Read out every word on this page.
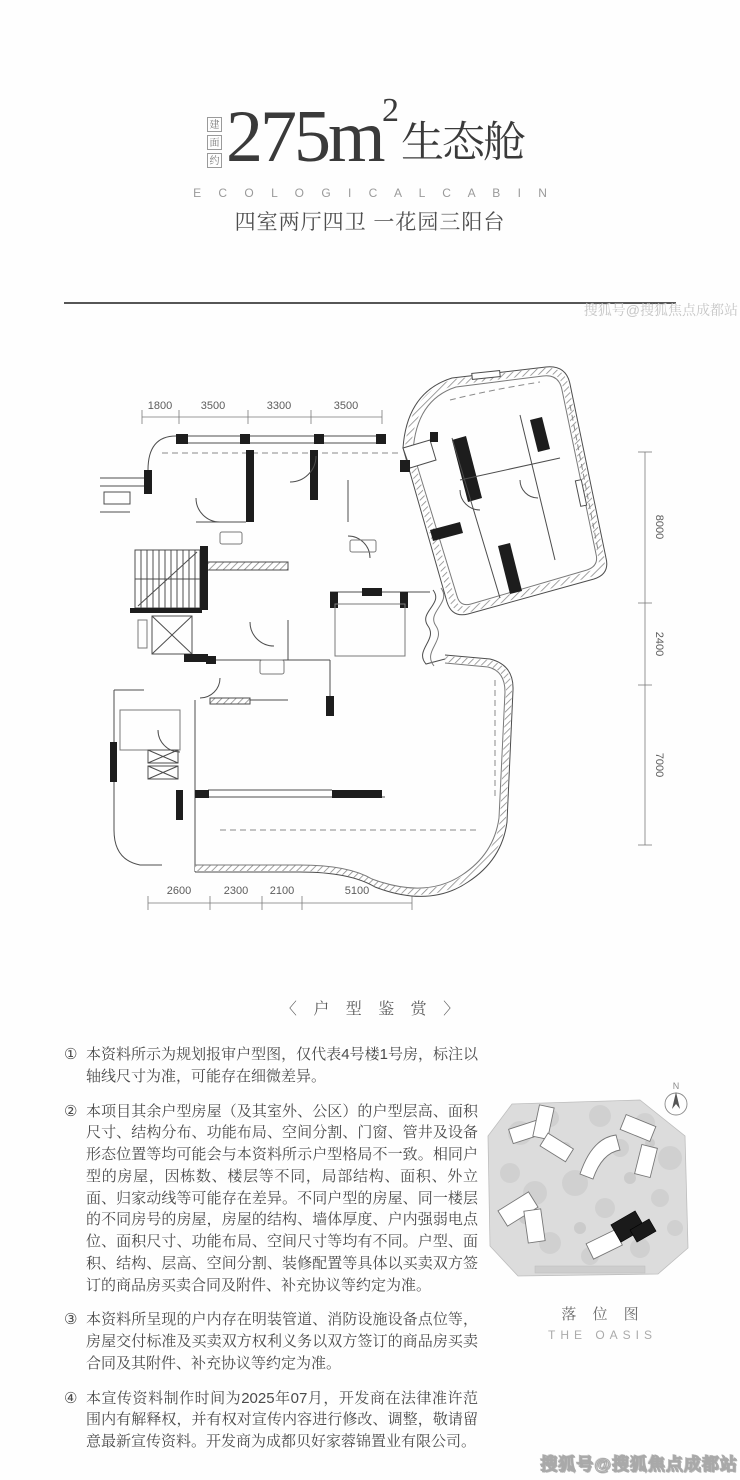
建
面
约 275m 2
生态舱
E C O L O G I C A L C A B I N
四室两厅四卫 一花园三阳台
1800	3500	3300	3500
8000
2400
7000
2600	2300 2100	5100
〈 户 型 鉴 赏 〉
① 本资料所示为规划报审户型图，仅代表4号楼1号房，标注以轴线尺寸为准，可能存在细微差异。
② 本项目其余户型房屋（及其室外、公区）的户型层高、面积尺寸、结构分布、功能布局、空间分割、门窗、管井及设备形态位置等均可能会与本资料所示户型格局不一致。相同户型的房屋，因栋数、楼层等不同，局部结构、面积、外立面、归家动线等可能存在差异。不同户型的房屋、同一楼层的不同房号的房屋，房屋的结构、墙体厚度、户内强弱电点位、面积尺寸、功能布局、空间尺寸等均有不同。户型、面积、结构、层高、空间分割、装修配置等具体以买卖双方签订的商品房买卖合同及附件、补充协议等约定为准。
③ 本资料所呈现的户内存在明装管道、消防设施设备点位等，房屋交付标准及买卖双方权利义务以双方签订的商品房买卖合同及其附件、补充协议等约定为准。
④ 本宣传资料制作时间为2025年07月，开发商在法律准许范围内有解释权，并有权对宣传内容进行修改、调整，敬请留意最新宣传资料。开发商为成都贝好家蓉锦置业有限公司。
N
落 位 图
THE OASIS
搜狐号@搜狐焦点成都站
搜狐号@搜狐焦点成都站
